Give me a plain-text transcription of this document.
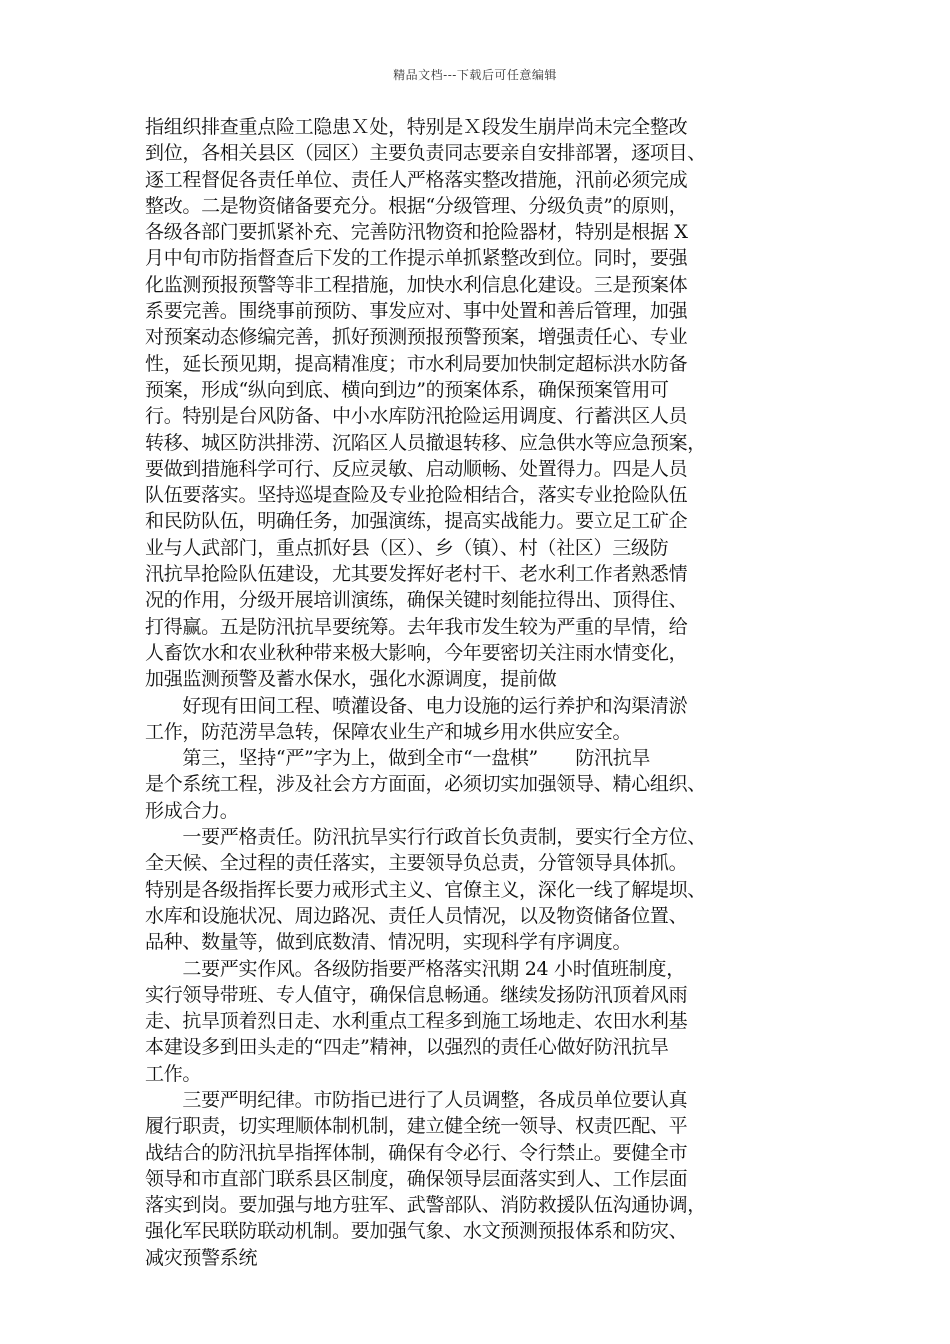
精品文档---下载后可任意编辑
指组织排查重点险工隐患Ｘ处，特别是Ｘ段发生崩岸尚未完全整改
到位，各相关县区（园区）主要负责同志要亲自安排部署，逐项目、
逐工程督促各责任单位、责任人严格落实整改措施，汛前必须完成
整改。二是物资储备要充分。根据“分级管理、分级负责”的原则，
各级各部门要抓紧补充、完善防汛物资和抢险器材，特别是根据 X
月中旬市防指督查后下发的工作提示单抓紧整改到位。同时，要强
化监测预报预警等非工程措施，加快水利信息化建设。三是预案体
系要完善。围绕事前预防、事发应对、事中处置和善后管理，加强
对预案动态修编完善，抓好预测预报预警预案，增强责任心、专业
性，延长预见期，提高精准度；市水利局要加快制定超标洪水防备
预案，形成“纵向到底、横向到边”的预案体系，确保预案管用可
行。特别是台风防备、中小水库防汛抢险运用调度、行蓄洪区人员
转移、城区防洪排涝、沉陷区人员撤退转移、应急供水等应急预案，
要做到措施科学可行、反应灵敏、启动顺畅、处置得力。四是人员
队伍要落实。坚持巡堤查险及专业抢险相结合，落实专业抢险队伍
和民防队伍，明确任务，加强演练，提高实战能力。要立足工矿企
业与人武部门，重点抓好县（区）、乡（镇）、村（社区）三级防
汛抗旱抢险队伍建设，尤其要发挥好老村干、老水利工作者熟悉情
况的作用，分级开展培训演练，确保关键时刻能拉得出、顶得住、
打得赢。五是防汛抗旱要统筹。去年我市发生较为严重的旱情，给
人畜饮水和农业秋种带来极大影响，今年要密切关注雨水情变化，
加强监测预警及蓄水保水，强化水源调度，提前做
　　好现有田间工程、喷灌设备、电力设施的运行养护和沟渠清淤
工作，防范涝旱急转，保障农业生产和城乡用水供应安全。
　　第三，坚持“严”字为上，做到全市“一盘棋”　　防汛抗旱
是个系统工程，涉及社会方方面面，必须切实加强领导、精心组织、
形成合力。
　　一要严格责任。防汛抗旱实行行政首长负责制，要实行全方位、
全天候、全过程的责任落实，主要领导负总责，分管领导具体抓。
特别是各级指挥长要力戒形式主义、官僚主义，深化一线了解堤坝、
水库和设施状况、周边路况、责任人员情况，以及物资储备位置、
品种、数量等，做到底数清、情况明，实现科学有序调度。
　　二要严实作风。各级防指要严格落实汛期 24 小时值班制度，
实行领导带班、专人值守，确保信息畅通。继续发扬防汛顶着风雨
走、抗旱顶着烈日走、水利重点工程多到施工场地走、农田水利基
本建设多到田头走的“四走”精神，以强烈的责任心做好防汛抗旱
工作。
　　三要严明纪律。市防指已进行了人员调整，各成员单位要认真
履行职责，切实理顺体制机制，建立健全统一领导、权责匹配、平
战结合的防汛抗旱指挥体制，确保有令必行、令行禁止。要健全市
领导和市直部门联系县区制度，确保领导层面落实到人、工作层面
落实到岗。要加强与地方驻军、武警部队、消防救援队伍沟通协调，
强化军民联防联动机制。要加强气象、水文预测预报体系和防灾、
减灾预警系统
